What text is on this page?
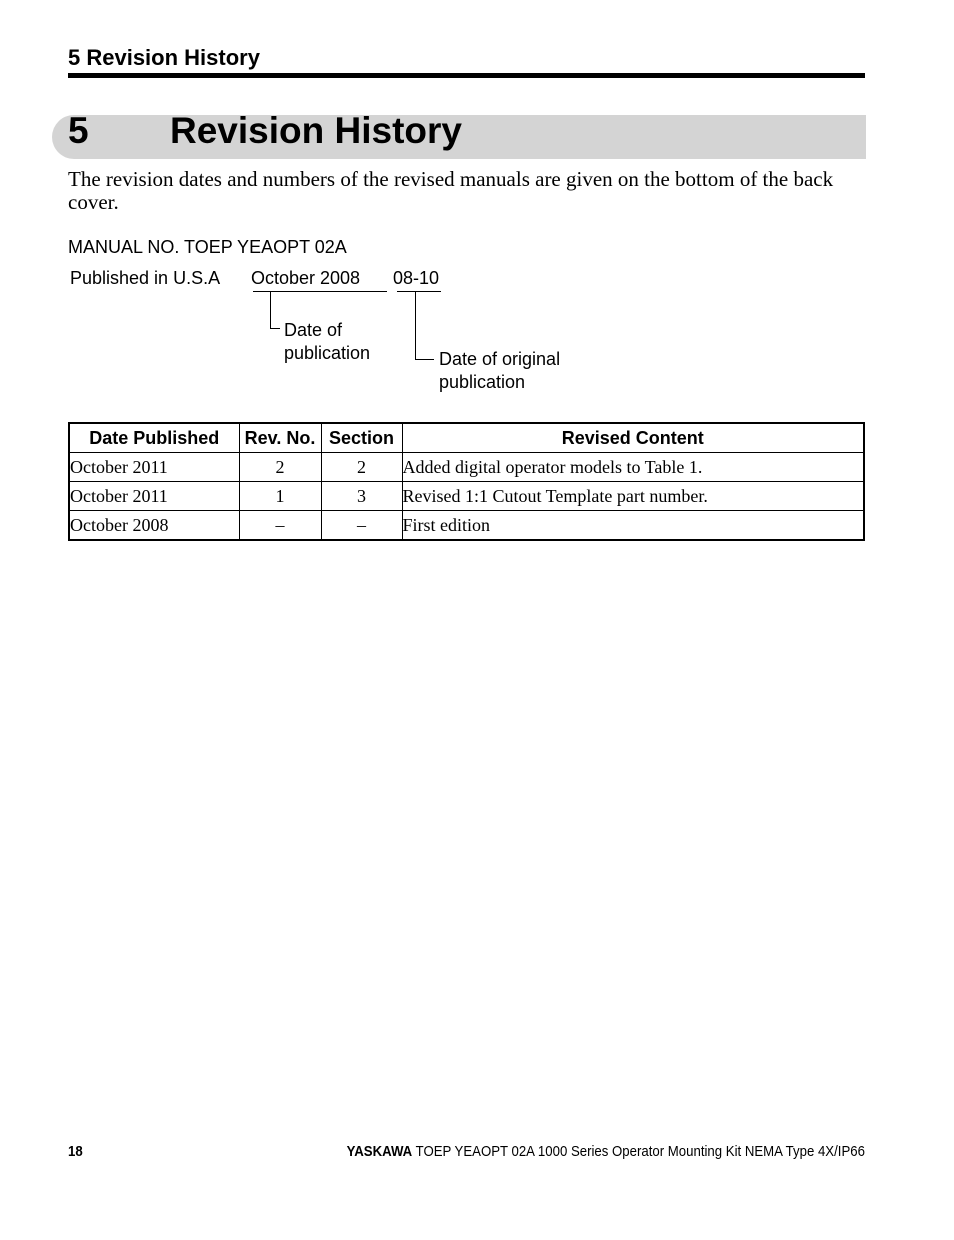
5 Revision History
5 Revision History
The revision dates and numbers of the revised manuals are given on the bottom of the back cover.
MANUAL NO. TOEP YEAOPT 02A
Published in U.S.A October 2008 08-10
Date of
publication	Date of original
publication
Date Published	Rev. No.	Section	Revised Content
October 2011	2	2	Added digital operator models to Table 1.
October 2011	1	3	Revised 1:1 Cutout Template part number.
October 2008	–	–	First edition
18	YASKAWA TOEP YEAOPT 02A 1000 Series Operator Mounting Kit NEMA Type 4X/IP66
